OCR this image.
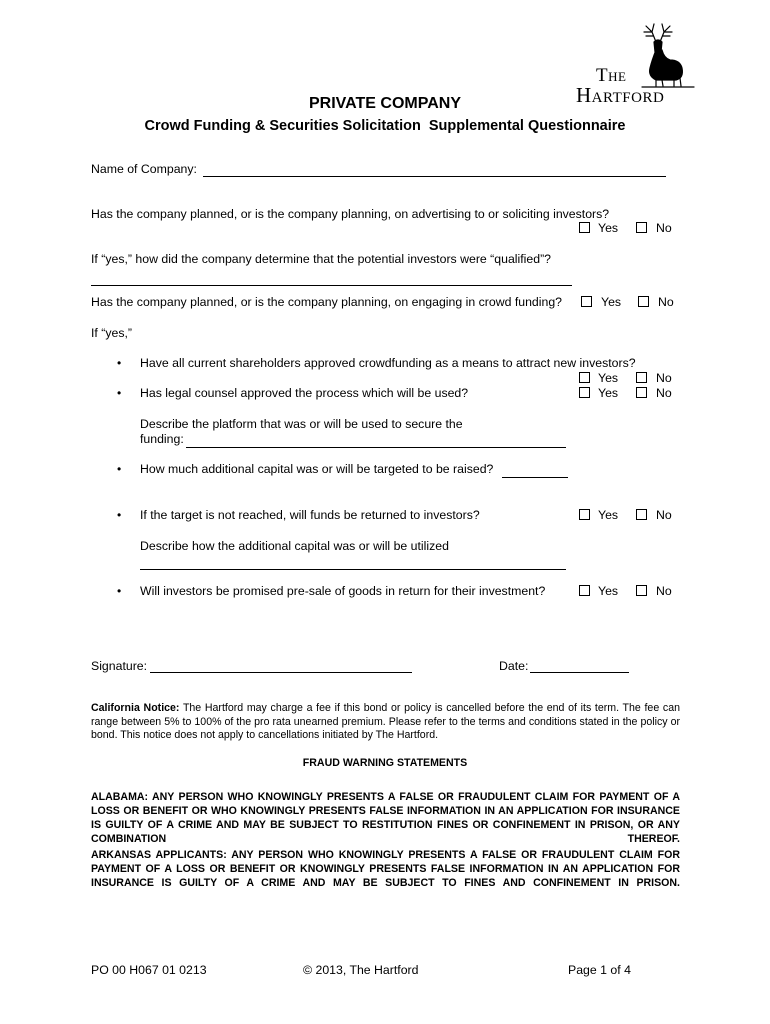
The
Hartford
PRIVATE COMPANY
Crowd Funding & Securities Solicitation  Supplemental Questionnaire
Name of Company:
Has the company planned, or is the company planning, on advertising to or soliciting investors?
Yes	No
If “yes,” how did the company determine that the potential investors were “qualified”?
Has the company planned, or is the company planning, on engaging in crowd funding?	Yes	No
If “yes,”
• Have all current shareholders approved crowdfunding as a means to attract new investors?
Yes	No
• Has legal counsel approved the process which will be used?	Yes	No
Describe the platform that was or will be used to secure the
funding:
• How much additional capital was or will be targeted to be raised?
• If the target is not reached, will funds be returned to investors?	Yes	No
Describe how the additional capital was or will be utilized
• Will investors be promised pre-sale of goods in return for their investment?	Yes	No
Signature:	Date:
California Notice: The Hartford may charge a fee if this bond or policy is cancelled before the end of its term. The fee can range between 5% to 100% of the pro rata unearned premium. Please refer to the terms and conditions stated in the policy or bond. This notice does not apply to cancellations initiated by The Hartford.
FRAUD WARNING STATEMENTS
ALABAMA: ANY PERSON WHO KNOWINGLY PRESENTS A FALSE OR FRAUDULENT CLAIM FOR PAYMENT OF A LOSS OR BENEFIT OR WHO KNOWINGLY PRESENTS FALSE INFORMATION IN AN APPLICATION FOR INSURANCE IS GUILTY OF A CRIME AND MAY BE SUBJECT TO RESTITUTION FINES OR CONFINEMENT IN PRISON, OR ANY COMBINATION THEREOF.
ARKANSAS APPLICANTS: ANY PERSON WHO KNOWINGLY PRESENTS A FALSE OR FRAUDULENT CLAIM FOR PAYMENT OF A LOSS OR BENEFIT OR KNOWINGLY PRESENTS FALSE INFORMATION IN AN APPLICATION FOR INSURANCE IS GUILTY OF A CRIME AND MAY BE SUBJECT TO FINES AND CONFINEMENT IN PRISON.
PO 00 H067 01 0213	© 2013, The Hartford	Page 1 of 4
